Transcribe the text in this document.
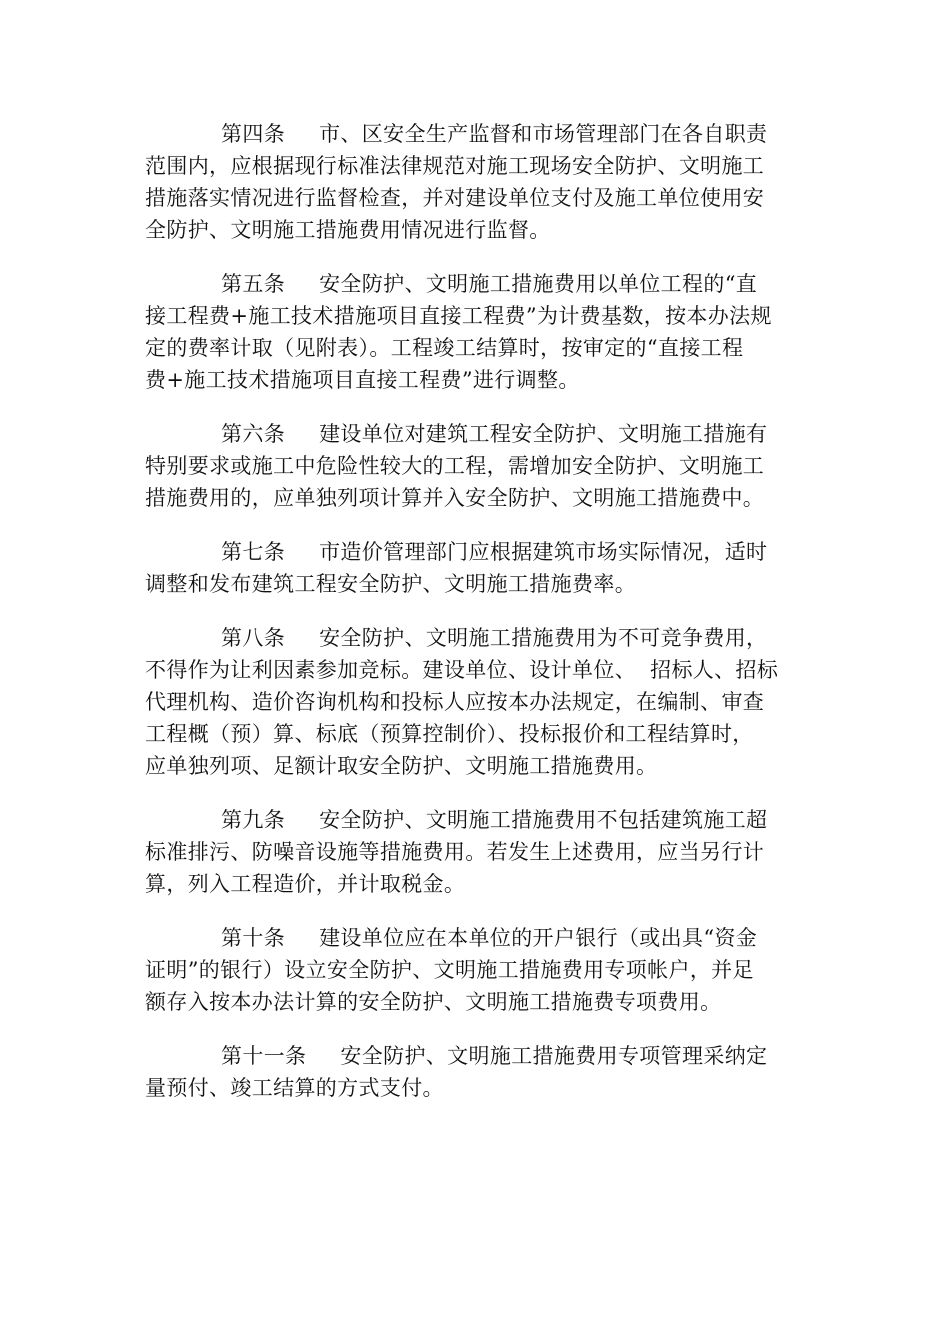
第四条 市、区安全生产监督和市场管理部门在各自职责
范围内，应根据现行标准法律规范对施工现场安全防护、文明施工
措施落实情况进行监督检查，并对建设单位支付及施工单位使用安
全防护、文明施工措施费用情况进行监督。
第五条 安全防护、文明施工措施费用以单位工程的“直
接工程费+施工技术措施项目直接工程费”为计费基数，按本办法规
定的费率计取（见附表）。工程竣工结算时，按审定的“直接工程
费+施工技术措施项目直接工程费”进行调整。
第六条 建设单位对建筑工程安全防护、文明施工措施有
特别要求或施工中危险性较大的工程，需增加安全防护、文明施工
措施费用的，应单独列项计算并入安全防护、文明施工措施费中。
第七条 市造价管理部门应根据建筑市场实际情况，适时
调整和发布建筑工程安全防护、文明施工措施费率。
第八条 安全防护、文明施工措施费用为不可竞争费用，
不得作为让利因素参加竞标。建设单位、设计单位、  招标人、招标
代理机构、造价咨询机构和投标人应按本办法规定，在编制、审查
工程概（预）算、标底（预算控制价）、投标报价和工程结算时，
应单独列项、足额计取安全防护、文明施工措施费用。
第九条 安全防护、文明施工措施费用不包括建筑施工超
标准排污、防噪音设施等措施费用。若发生上述费用，应当另行计
算，列入工程造价，并计取税金。
第十条 建设单位应在本单位的开户银行（或出具“资金
证明”的银行）设立安全防护、文明施工措施费用专项帐户，并足
额存入按本办法计算的安全防护、文明施工措施费专项费用。
第十一条 安全防护、文明施工措施费用专项管理采纳定
量预付、竣工结算的方式支付。
